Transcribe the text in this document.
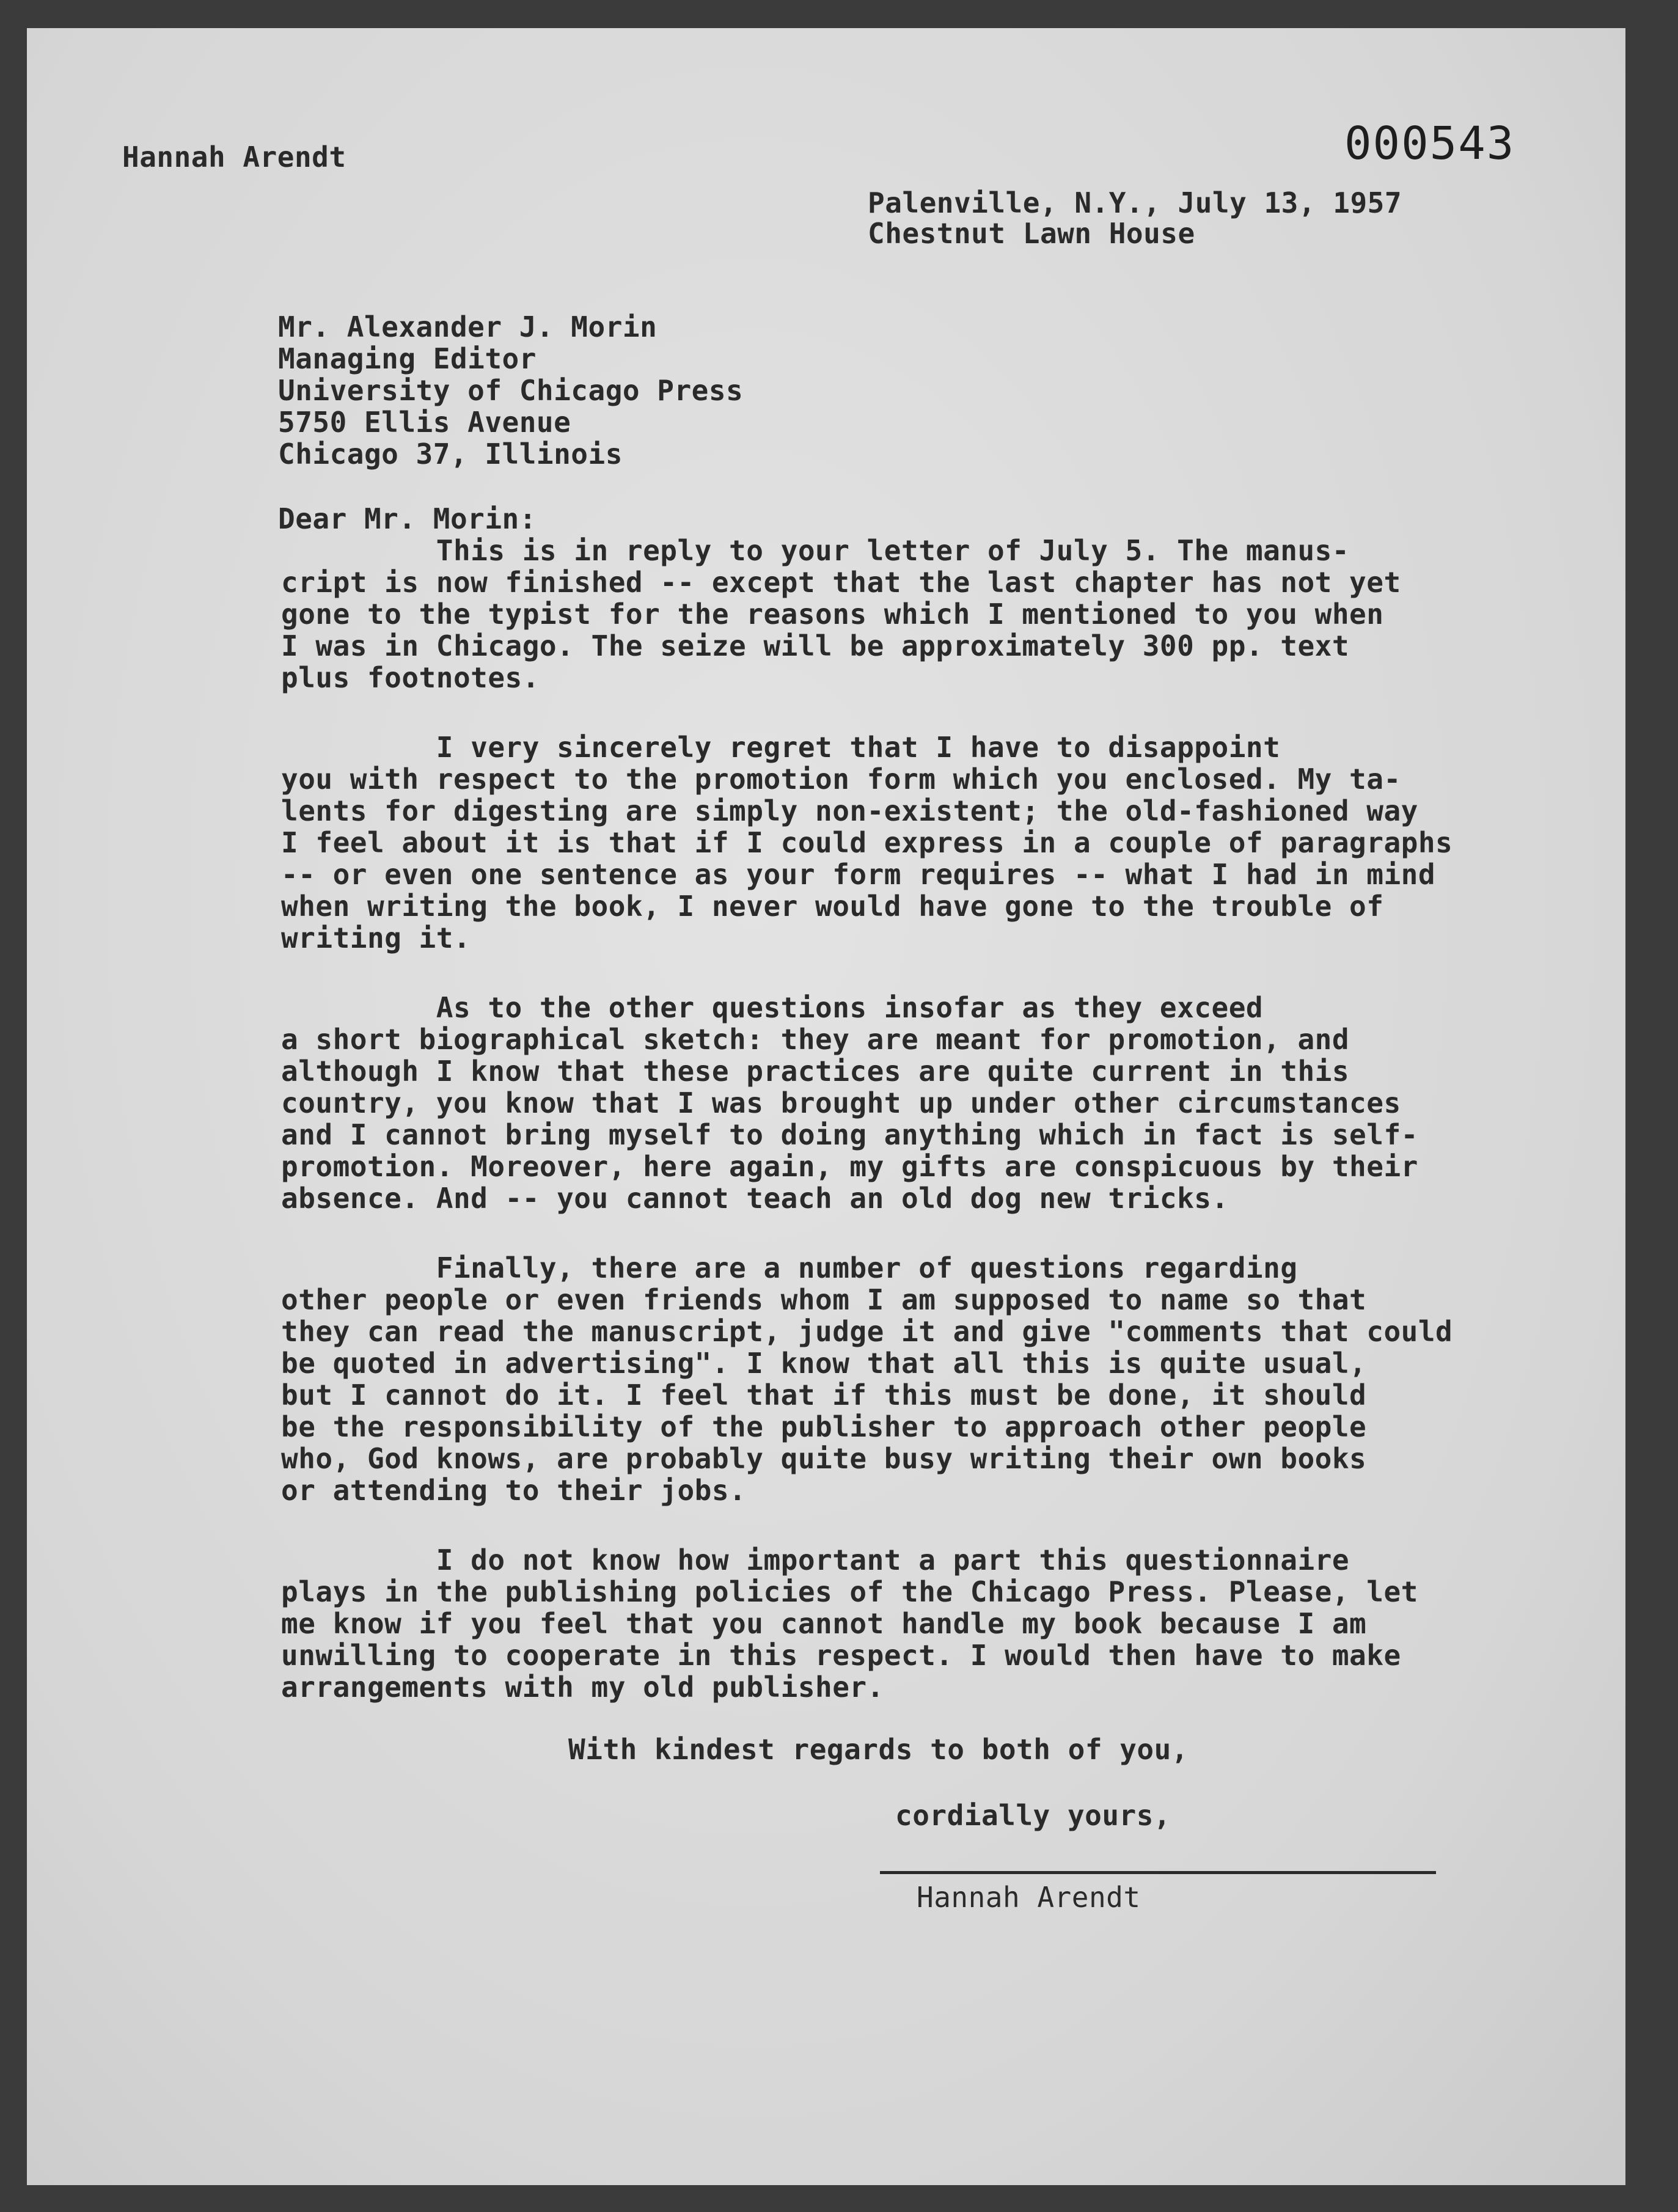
Hannah Arendt	000543
Palenville, N.Y., July 13, 1957
Chestnut Lawn House
Mr. Alexander J. Morin
Managing Editor
University of Chicago Press
5750 Ellis Avenue
Chicago 37, Illinois
Dear Mr. Morin:
This is in reply to your letter of July 5. The manus-
cript is now finished -- except that the last chapter has not yet
gone to the typist for the reasons which I mentioned to you when
I was in Chicago. The seize will be approximately 300 pp. text
plus footnotes.
I very sincerely regret that I have to disappoint
you with respect to the promotion form which you enclosed. My ta-
lents for digesting are simply non-existent; the old-fashioned way
I feel about it is that if I could express in a couple of paragraphs
-- or even one sentence as your form requires -- what I had in mind
when writing the book, I never would have gone to the trouble of
writing it.
As to the other questions insofar as they exceed
a short biographical sketch: they are meant for promotion, and
although I know that these practices are quite current in this
country, you know that I was brought up under other circumstances
and I cannot bring myself to doing anything which in fact is self-
promotion. Moreover, here again, my gifts are conspicuous by their
absence. And -- you cannot teach an old dog new tricks.
Finally, there are a number of questions regarding
other people or even friends whom I am supposed to name so that
they can read the manuscript, judge it and give "comments that could
be quoted in advertising". I know that all this is quite usual,
but I cannot do it. I feel that if this must be done, it should
be the responsibility of the publisher to approach other people
who, God knows, are probably quite busy writing their own books
or attending to their jobs.
I do not know how important a part this questionnaire
plays in the publishing policies of the Chicago Press. Please, let
me know if you feel that you cannot handle my book because I am
unwilling to cooperate in this respect. I would then have to make
arrangements with my old publisher.
With kindest regards to both of you,
cordially yours,
Hannah Arendt
